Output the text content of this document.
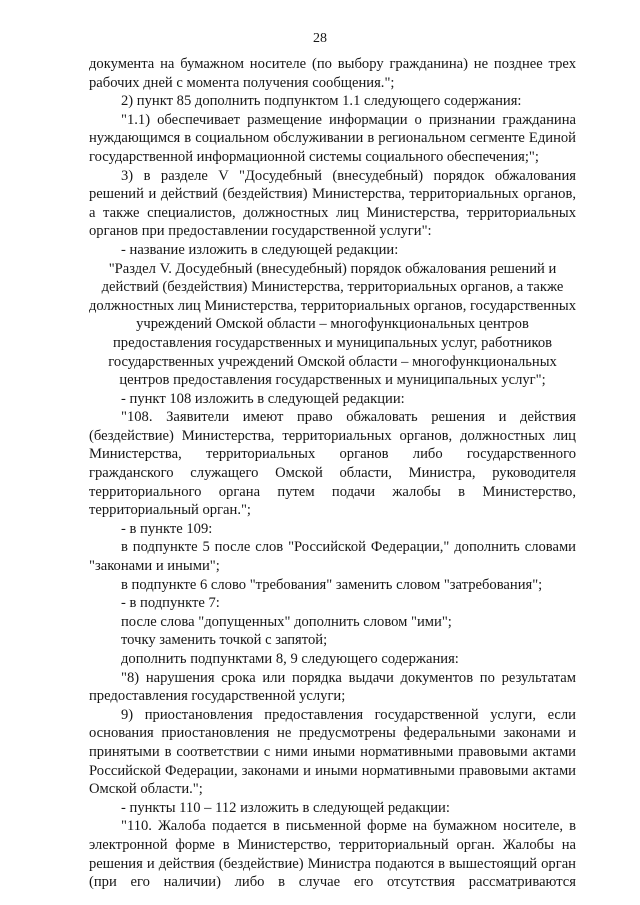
28

документа на бумажном носителе (по выбору гражданина) не позднее трех рабочих дней с момента получения сообщения.";

2) пункт 85 дополнить подпунктом 1.1 следующего содержания:

"1.1) обеспечивает размещение информации о признании гражданина нуждающимся в социальном обслуживании в региональном сегменте Единой государственной информационной системы социального обеспечения;";

3) в разделе V "Досудебный (внесудебный) порядок обжалования решений и действий (бездействия) Министерства, территориальных органов, а также специалистов, должностных лиц Министерства, территориальных органов при предоставлении государственной услуги":

- название изложить в следующей редакции:

"Раздел V. Досудебный (внесудебный) порядок обжалования решений и действий (бездействия) Министерства, территориальных органов, а также должностных лиц Министерства, территориальных органов, государственных учреждений Омской области – многофункциональных центров предоставления государственных и муниципальных услуг, работников государственных учреждений Омской области – многофункциональных центров предоставления государственных и муниципальных услуг";

- пункт 108 изложить в следующей редакции:

"108. Заявители имеют право обжаловать решения и действия (бездействие) Министерства, территориальных органов, должностных лиц Министерства, территориальных органов либо государственного гражданского служащего Омской области, Министра, руководителя территориального органа путем подачи жалобы в Министерство, территориальный орган.";

- в пункте 109:

в подпункте 5 после слов "Российской Федерации," дополнить словами "законами и иными";

в подпункте 6 слово "требования" заменить словом "затребования";

- в подпункте 7:

после слова "допущенных" дополнить словом "ими";

точку заменить точкой с запятой;

дополнить подпунктами 8, 9 следующего содержания:

"8) нарушения срока или порядка выдачи документов по результатам предоставления государственной услуги;

9) приостановления предоставления государственной услуги, если основания приостановления не предусмотрены федеральными законами и принятыми в соответствии с ними иными нормативными правовыми актами Российской Федерации, законами и иными нормативными правовыми актами Омской области.";

- пункты 110 – 112 изложить в следующей редакции:

"110. Жалоба подается в письменной форме на бумажном носителе, в электронной форме в Министерство, территориальный орган. Жалобы на решения и действия (бездействие) Министра подаются в вышестоящий орган (при его наличии) либо в случае его отсутствия рассматриваются
